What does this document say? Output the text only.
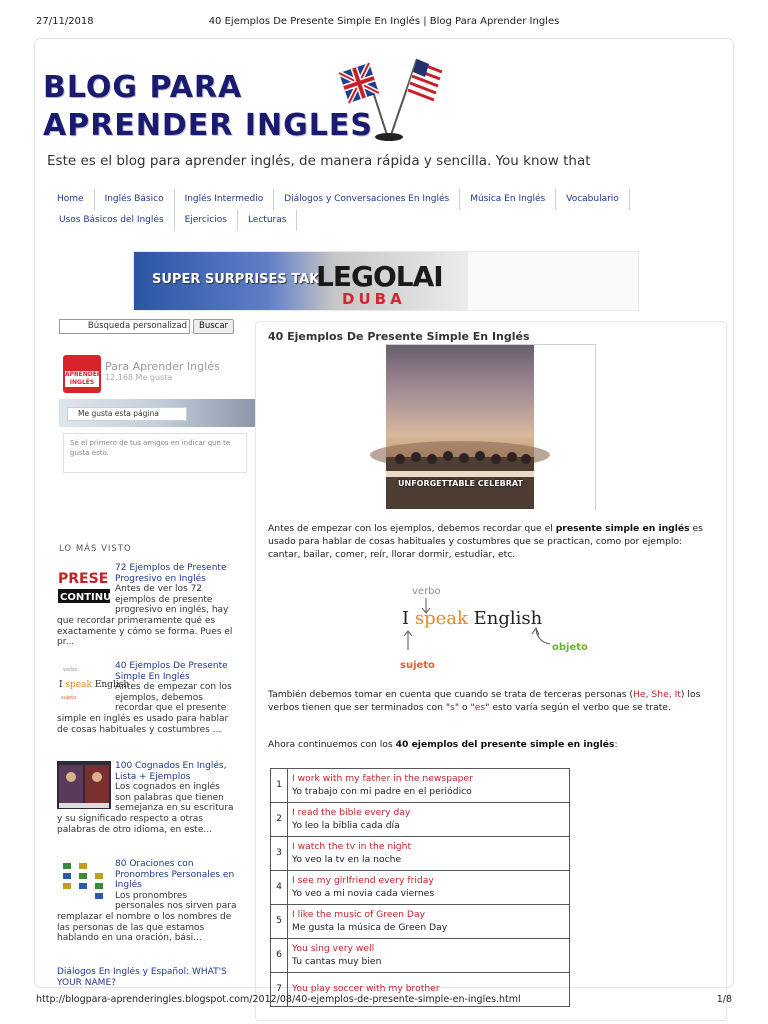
27/11/2018	40 Ejemplos De Presente Simple En Inglés | Blog Para Aprender Ingles
BLOG PARA
APRENDER INGLES
Este es el blog para aprender inglés, de manera rápida y sencilla. You know that
Home	Inglés Básico	Inglés Intermedio	Diálogos y Conversaciones En Inglés	Música En Inglés	Vocabulario
Usos Básicos del Inglés	Ejercicios	Lecturas
SUPER SURPRISES TAK
LEGOLAI
DUBA
Búsqueda personalizad	Buscar
APRENDER INGLÉS
Para Aprender Inglés
12.168 Me gusta
Me gusta esta página
Sé el primero de tus amigos en indicar que te gusta esto.
LO MÁS VISTO
PRESE
CONTINUO
72 Ejemplos de Presente Progresivo en Inglés
Antes de ver los 72 ejemplos de presente progresivo en inglés, hay que recordar primeramente qué es exactamente y cómo se forma. Pues el pr...
verbo
I speak English
sujeto
40 Ejemplos De Presente Simple En Inglés
Antes de empezar con los ejemplos, debemos recordar que el presente simple en inglés es usado para hablar de cosas habituales y costumbres ...
100 Cognados En Inglés, Lista + Ejemplos
Los cognados en inglés son palabras que tienen semejanza en su escritura y su significado respecto a otras palabras de otro idioma, en este...
80 Oraciones con Pronombres Personales en Inglés
Los pronombres personales nos sirven para remplazar el nombre o los nombres de las personas de las que estamos hablando en una oración, bási...
Diálogos En Inglés y Español: WHAT'S YOUR NAME?
40 Ejemplos De Presente Simple En Inglés
UNFORGETTABLE CELEBRAT
Antes de empezar con los ejemplos, debemos recordar que el presente simple en inglés es usado para hablar de cosas habituales y costumbres que se practican, como por ejemplo: cantar, bailar, comer, reír, llorar dormir, estudiar, etc.
verbo
I speak English
objeto
sujeto
También debemos tomar en cuenta que cuando se trata de terceras personas (He, She, It) los verbos tienen que ser terminados con "s" o "es" esto varía según el verbo que se trate.
Ahora continuemos con los 40 ejemplos del presente simple en inglés:
1	I work with my father in the newspaper
Yo trabajo con mi padre en el periódico

2	I read the bible every day
Yo leo la biblia cada día

3	I watch the tv in the night
Yo veo la tv en la noche

4	I see my girlfriend every friday
Yo veo a mi novia cada viernes

5	I like the music of Green Day
Me gusta la música de Green Day

6	You sing very well
Tu cantas muy bien

7	You play soccer with my brother
http://blogpara-aprenderingles.blogspot.com/2012/08/40-ejemplos-de-presente-simple-en-ingles.html	1/8
